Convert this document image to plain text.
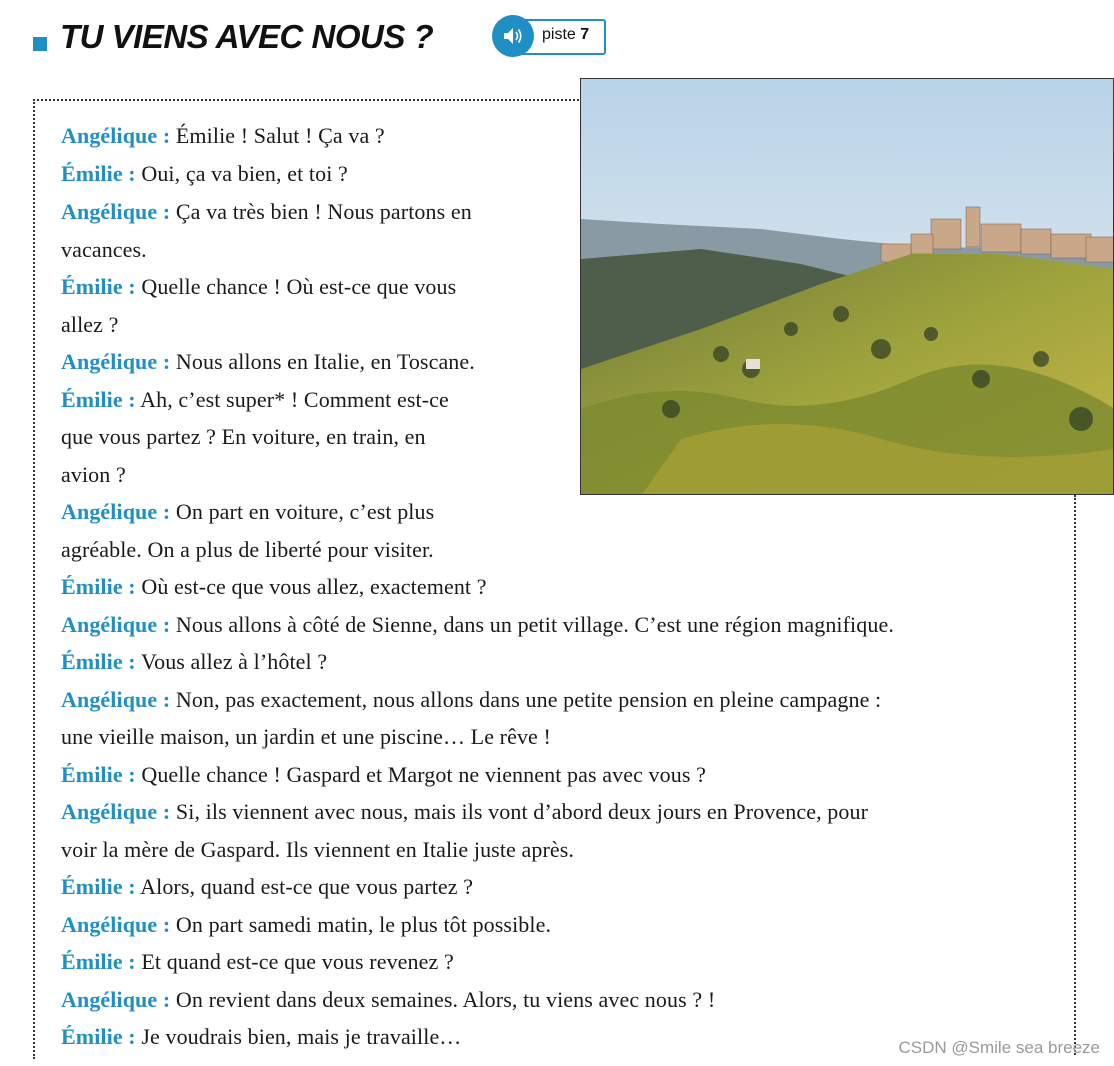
TU VIENS AVEC NOUS ?	piste 7
Angélique : Émilie ! Salut ! Ça va ?
Émilie : Oui, ça va bien, et toi ?
Angélique : Ça va très bien ! Nous partons en
vacances.
Émilie : Quelle chance ! Où est-ce que vous
allez ?
Angélique : Nous allons en Italie, en Toscane.
Émilie : Ah, c’est super* ! Comment est-ce
que vous partez ? En voiture, en train, en
avion ?
Angélique : On part en voiture, c’est plus
agréable. On a plus de liberté pour visiter.
Émilie : Où est-ce que vous allez, exactement ?
Angélique : Nous allons à côté de Sienne, dans un petit village. C’est une région magnifique.
Émilie : Vous allez à l’hôtel ?
Angélique : Non, pas exactement, nous allons dans une petite pension en pleine campagne :
une vieille maison, un jardin et une piscine… Le rêve !
Émilie : Quelle chance ! Gaspard et Margot ne viennent pas avec vous ?
Angélique : Si, ils viennent avec nous, mais ils vont d’abord deux jours en Provence, pour
voir la mère de Gaspard. Ils viennent en Italie juste après.
Émilie : Alors, quand est-ce que vous partez ?
Angélique : On part samedi matin, le plus tôt possible.
Émilie : Et quand est-ce que vous revenez ?
Angélique : On revient dans deux semaines. Alors, tu viens avec nous ? !
Émilie : Je voudrais bien, mais je travaille…	CSDN @Smile sea breeze
